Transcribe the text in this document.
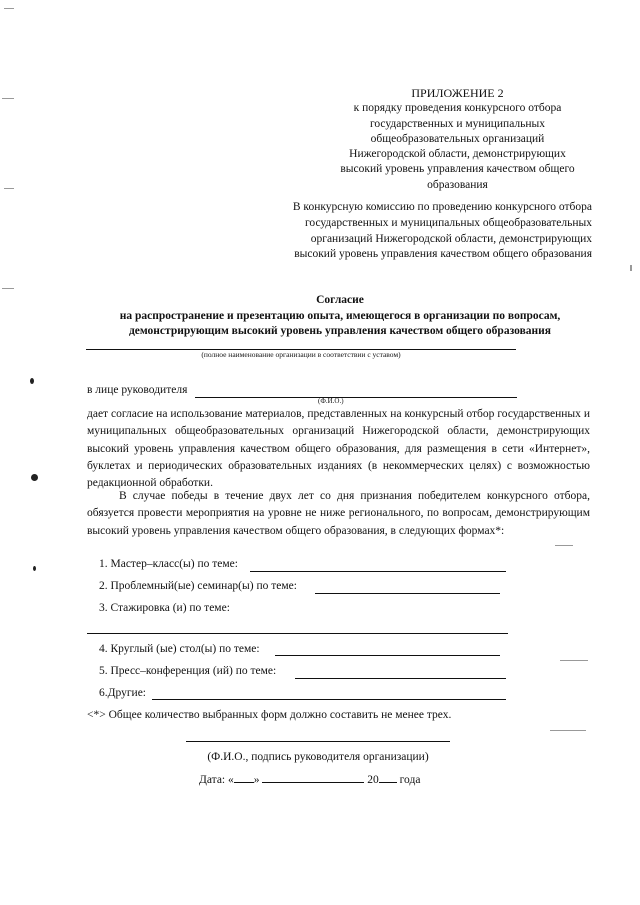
ПРИЛОЖЕНИЕ 2
к порядку проведения конкурсного отбора
государственных и муниципальных
общеобразовательных организаций
Нижегородской области, демонстрирующих
высокий уровень управления качеством общего
образования
В конкурсную комиссию по проведению конкурсного отбора
государственных и муниципальных общеобразовательных
организаций Нижегородской области, демонстрирующих
высокий уровень управления качеством общего образования
Согласие
на распространение и презентацию опыта, имеющегося в организации по вопросам,
демонстрирующим высокий уровень управления качеством общего образования
(полное наименование организации в соответствии с уставом)
в лице руководителя
(Ф.И.О.)
дает согласие на использование материалов, представленных на конкурсный отбор государственных и муниципальных общеобразовательных организаций Нижегородской области, демонстрирующих высокий уровень управления качеством общего образования, для размещения в сети «Интернет», буклетах и периодических образовательных изданиях (в некоммерческих целях) с возможностью редакционной обработки.
В случае победы в течение двух лет со дня признания победителем конкурсного отбора, обязуется провести мероприятия на уровне не ниже регионального, по вопросам, демонстрирующим высокий уровень управления качеством общего образования, в следующих формах*:
1. Мастер–класс(ы) по теме:
2. Проблемный(ые) семинар(ы) по теме:
3. Стажировка (и) по теме:
4. Круглый (ые) стол(ы) по теме:
5. Пресс–конференция (ий) по теме:
6.Другие:
<*> Общее количество выбранных форм должно составить не менее трех.
(Ф.И.О., подпись руководителя организации)
Дата: « »	20 года
